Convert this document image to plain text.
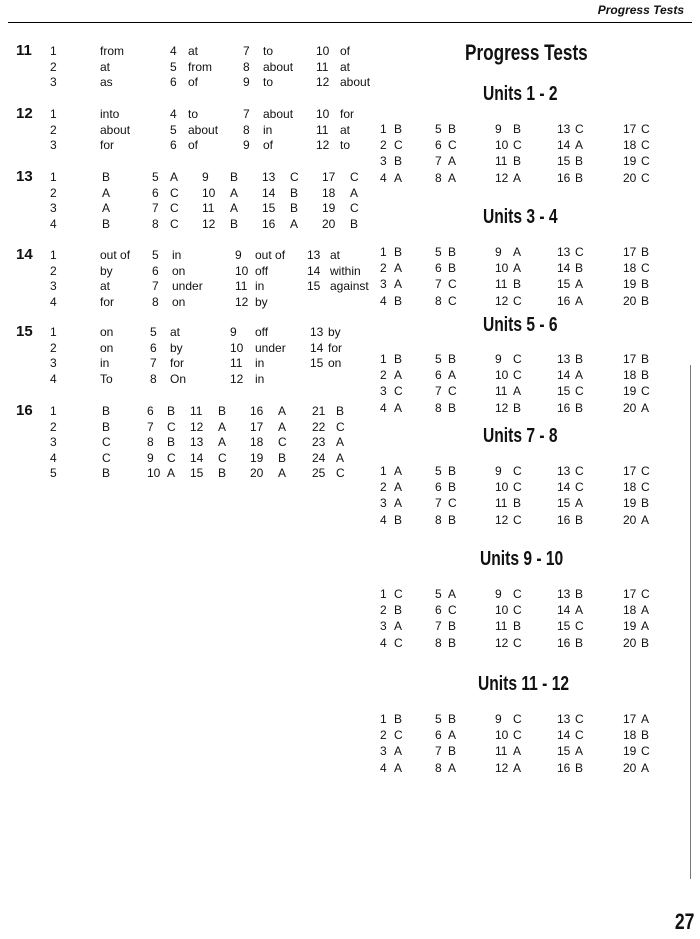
Progress Tests
11 1	from	4 at	7 to	10 of
2	at	5 from	8 about 11 at
3	as	6 of	9 to	12 about
12 1	into	4 to	7 about 10 for
2	about	5 about 8 in	11 at
3	for	6 of	9 of	12 to
13 1	B	5 A 9 B 13 C 17 C
2	A	6 C 10 A 14 B 18 A
3	A	7 C 11 A 15 B 19 C
4	B	8 C 12 B 16 A 20 B
14 1	out of 5 in	9 out of 13 at
2	by	6 on	10 off	14 within
3	at	7 under	11 in	15 against
4	for	8 on	12 by
15 1	on	5 at	9 off	13 by
2	on	6 by	10 under 14 for
3	in	7 for	11 in	15 on
4	To	8 On	12 in
16 1	B	6 B 11 B 16 A 21 B
2	B	7 C 12 A 17 A 22 C
3	C	8 B 13 A 18 C 23 A
4	C	9 C 14 C 19 B 24 A
5	B	10 A 15 B 20 A 25 C
Progress Tests
Units 1 - 2
1 B	5 B	9 B	13 C	17 C
2 C	6 C	10 C	14 A	18 C
3 B	7 A	11 B	15 B	19 C
4 A	8 A	12 A	16 B	20 C
Units 3 - 4
1 B	5 B	9 A	13 C	17 B
2 A	6 B	10 A	14 B	18 C
3 A	7 C	11 B	15 A	19 B
4 B	8 C	12 C	16 A	20 B
Units 5 - 6
1 B	5 B	9 C	13 B	17 B
2 A	6 A	10 C	14 A	18 B
3 C	7 C	11 A	15 C	19 C
4 A	8 B	12 B	16 B	20 A
Units 7 - 8
1 A	5 B	9 C	13 C	17 C
2 A	6 B	10 C	14 C	18 C
3 A	7 C	11 B	15 A	19 B
4 B	8 B	12 C	16 B	20 A
Units 9 - 10
1 C	5 A	9 C	13 B	17 C
2 B	6 C	10 C	14 A	18 A
3 A	7 B	11 B	15 C	19 A
4 C	8 B	12 C	16 B	20 B
Units 11 - 12
1 B	5 B	9 C	13 C	17 A
2 C	6 A	10 C	14 C	18 B
3 A	7 B	11 A	15 A	19 C
4 A	8 A	12 A	16 B	20 A
27
